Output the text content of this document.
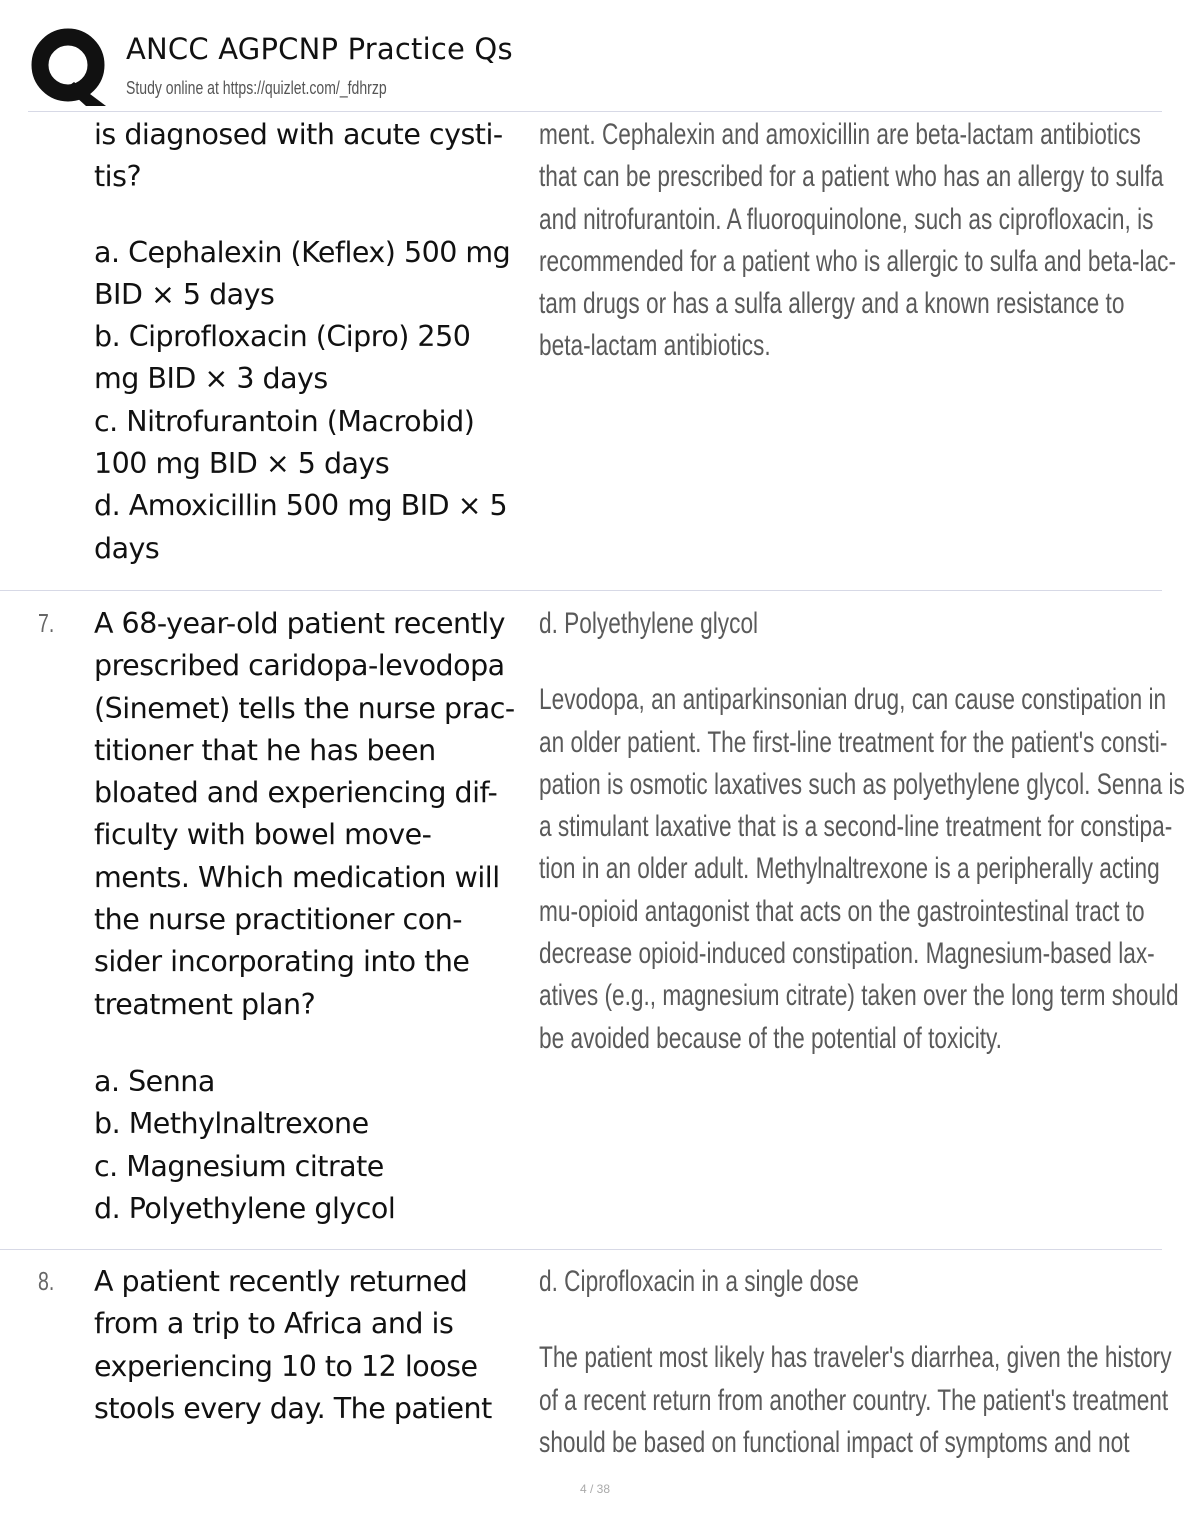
ANCC AGPCNP Practice Qs
Study online at https://quizlet.com/_fdhrzp
is diagnosed with acute cysti-
tis?
a. Cephalexin (Keflex) 500 mg
BID × 5 days
b. Ciprofloxacin (Cipro) 250
mg BID × 3 days
c. Nitrofurantoin (Macrobid)
100 mg BID × 5 days
d. Amoxicillin 500 mg BID × 5
days
ment. Cephalexin and amoxicillin are beta-lactam antibiotics
that can be prescribed for a patient who has an allergy to sulfa
and nitrofurantoin. A fluoroquinolone, such as ciprofloxacin, is
recommended for a patient who is allergic to sulfa and beta-lac-
tam drugs or has a sulfa allergy and a known resistance to
beta-lactam antibiotics.
7. A 68-year-old patient recently
prescribed caridopa-levodopa
(Sinemet) tells the nurse prac-
titioner that he has been
bloated and experiencing dif-
ficulty with bowel move-
ments. Which medication will
the nurse practitioner con-
sider incorporating into the
treatment plan?
a. Senna
b. Methylnaltrexone
c. Magnesium citrate
d. Polyethylene glycol
d. Polyethylene glycol
Levodopa, an antiparkinsonian drug, can cause constipation in
an older patient. The first-line treatment for the patient's consti-
pation is osmotic laxatives such as polyethylene glycol. Senna is
a stimulant laxative that is a second-line treatment for constipa-
tion in an older adult. Methylnaltrexone is a peripherally acting
mu-opioid antagonist that acts on the gastrointestinal tract to
decrease opioid-induced constipation. Magnesium-based lax-
atives (e.g., magnesium citrate) taken over the long term should
be avoided because of the potential of toxicity.
8. A patient recently returned
from a trip to Africa and is
experiencing 10 to 12 loose
stools every day. The patient
d. Ciprofloxacin in a single dose
The patient most likely has traveler's diarrhea, given the history
of a recent return from another country. The patient's treatment
should be based on functional impact of symptoms and not
4 / 38
